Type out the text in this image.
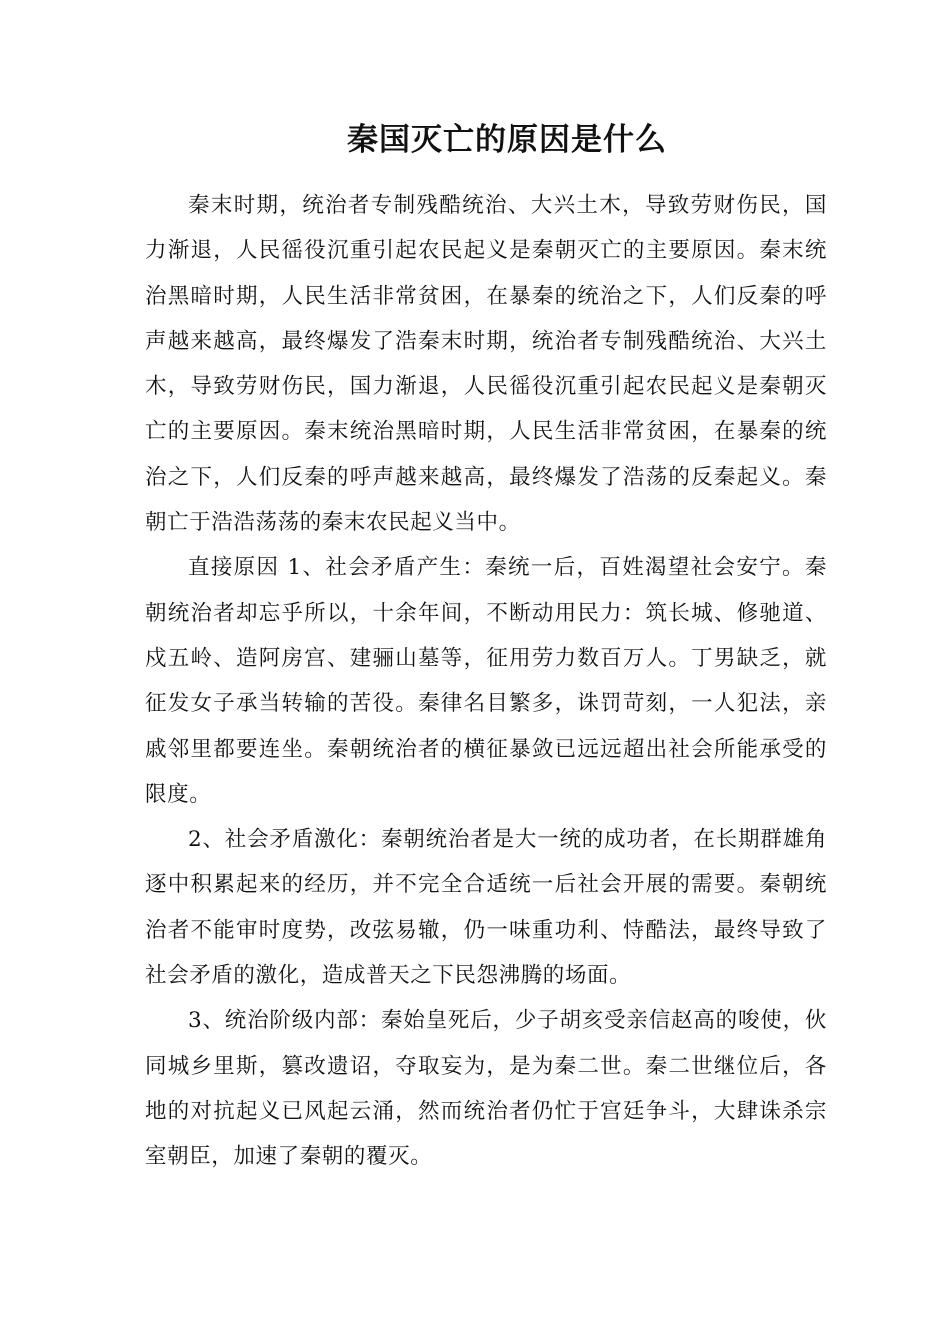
秦国灭亡的原因是什么

秦末时期，统治者专制残酷统治、大兴土木，导致劳财伤民，国力渐退，人民徭役沉重引起农民起义是秦朝灭亡的主要原因。秦末统治黑暗时期，人民生活非常贫困，在暴秦的统治之下，人们反秦的呼声越来越高，最终爆发了浩秦末时期，统治者专制残酷统治、大兴土木，导致劳财伤民，国力渐退，人民徭役沉重引起农民起义是秦朝灭亡的主要原因。秦末统治黑暗时期，人民生活非常贫困，在暴秦的统治之下，人们反秦的呼声越来越高，最终爆发了浩荡的反秦起义。秦朝亡于浩浩荡荡的秦末农民起义当中。

直接原因 1、社会矛盾产生：秦统一后，百姓渴望社会安宁。秦朝统治者却忘乎所以，十余年间，不断动用民力：筑长城、修驰道、戍五岭、造阿房宫、建骊山墓等，征用劳力数百万人。丁男缺乏，就征发女子承当转输的苦役。秦律名目繁多，诛罚苛刻，一人犯法，亲戚邻里都要连坐。秦朝统治者的横征暴敛已远远超出社会所能承受的限度。

2、社会矛盾激化：秦朝统治者是大一统的成功者，在长期群雄角逐中积累起来的经历，并不完全合适统一后社会开展的需要。秦朝统治者不能审时度势，改弦易辙，仍一味重功利、恃酷法，最终导致了社会矛盾的激化，造成普天之下民怨沸腾的场面。

3、统治阶级内部：秦始皇死后，少子胡亥受亲信赵高的唆使，伙同城乡里斯，篡改遗诏，夺取妄为，是为秦二世。秦二世继位后，各地的对抗起义已风起云涌，然而统治者仍忙于宫廷争斗，大肆诛杀宗室朝臣，加速了秦朝的覆灭。
